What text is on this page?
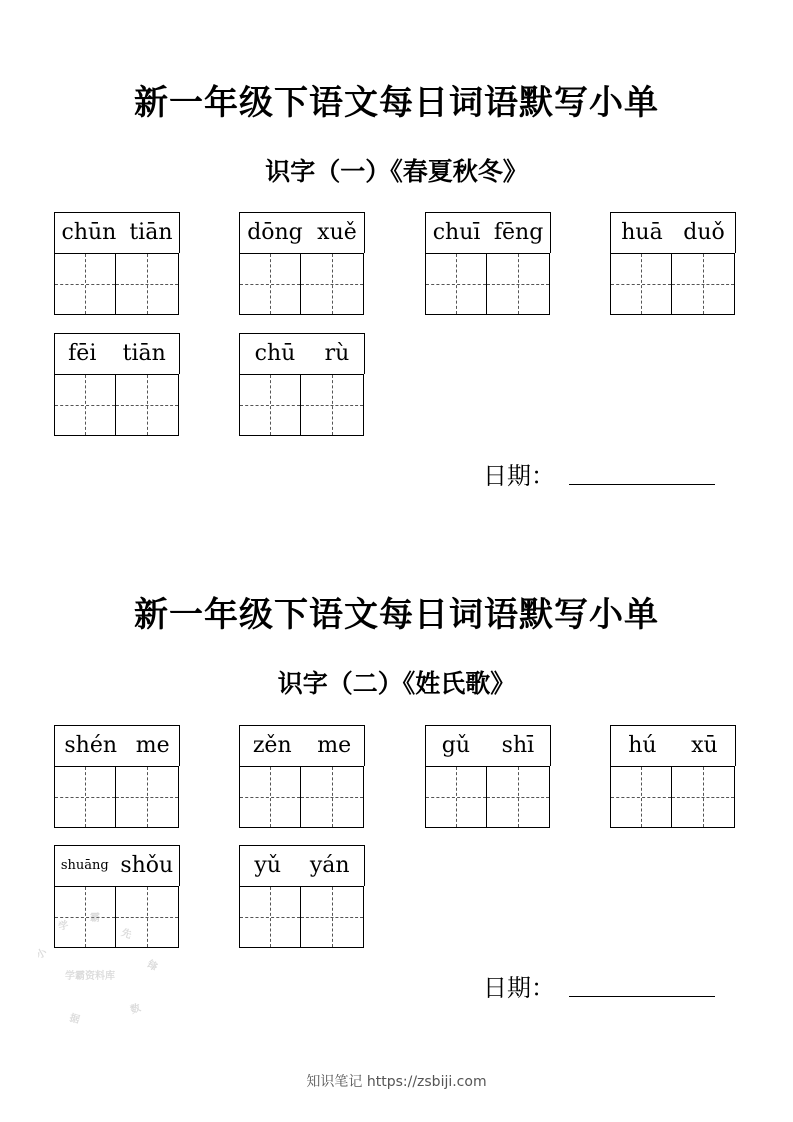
新一年级下语文每日词语默写小单
识字（一）《春夏秋冬》
chūn tiān	dōng xuě	chuī fēng	huā duǒ
fēi tiān	chū rù
日期：
新一年级下语文每日词语默写小单
识字（二）《姓氏歌》
shén me	zěn me	gǔ shī	hú xū
shuāng shǒu	yǔ yán
日期：
小
学
霸
先
锋
数
据
学霸资料库
知识笔记 https://zsbiji.com
